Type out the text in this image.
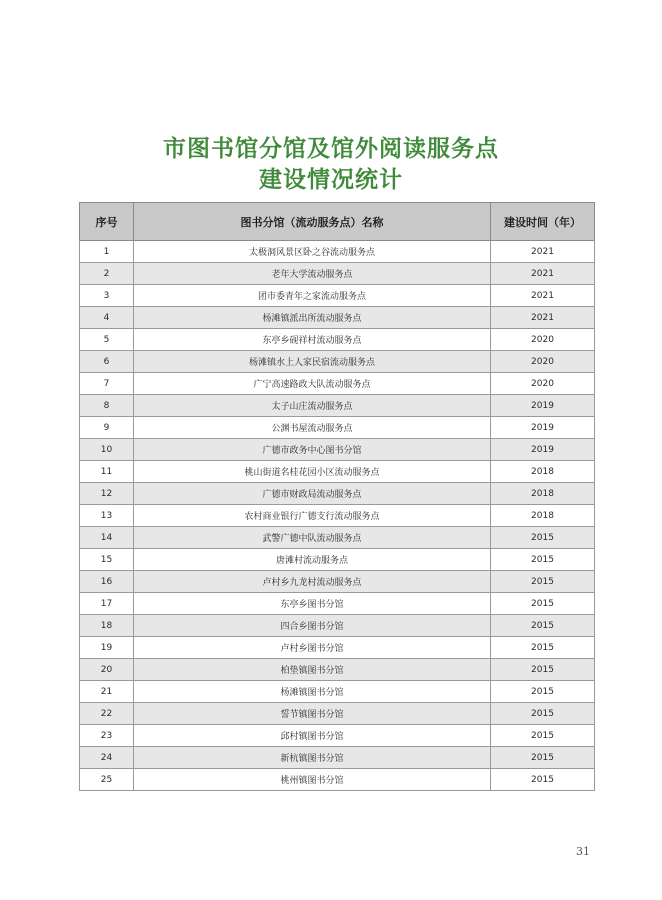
市图书馆分馆及馆外阅读服务点
建设情况统计
序号	图书分馆（流动服务点）名称	建设时间（年）
1	太极洞风景区卧之谷流动服务点	2021
2	老年大学流动服务点	2021
3	团市委青年之家流动服务点	2021
4	杨滩镇派出所流动服务点	2021
5	东亭乡砚祥村流动服务点	2020
6	杨滩镇水上人家民宿流动服务点	2020
7	广宁高速路政大队流动服务点	2020
8	太子山庄流动服务点	2019
9	公渊书屋流动服务点	2019
10	广德市政务中心图书分馆	2019
11	桃山街道名桂花园小区流动服务点	2018
12	广德市财政局流动服务点	2018
13	农村商业银行广德支行流动服务点	2018
14	武警广德中队流动服务点	2015
15	唐滩村流动服务点	2015
16	卢村乡九龙村流动服务点	2015
17	东亭乡图书分馆	2015
18	四合乡图书分馆	2015
19	卢村乡图书分馆	2015
20	柏垫镇图书分馆	2015
21	杨滩镇图书分馆	2015
22	誓节镇图书分馆	2015
23	邱村镇图书分馆	2015
24	新杭镇图书分馆	2015
25	桃州镇图书分馆	2015
31
